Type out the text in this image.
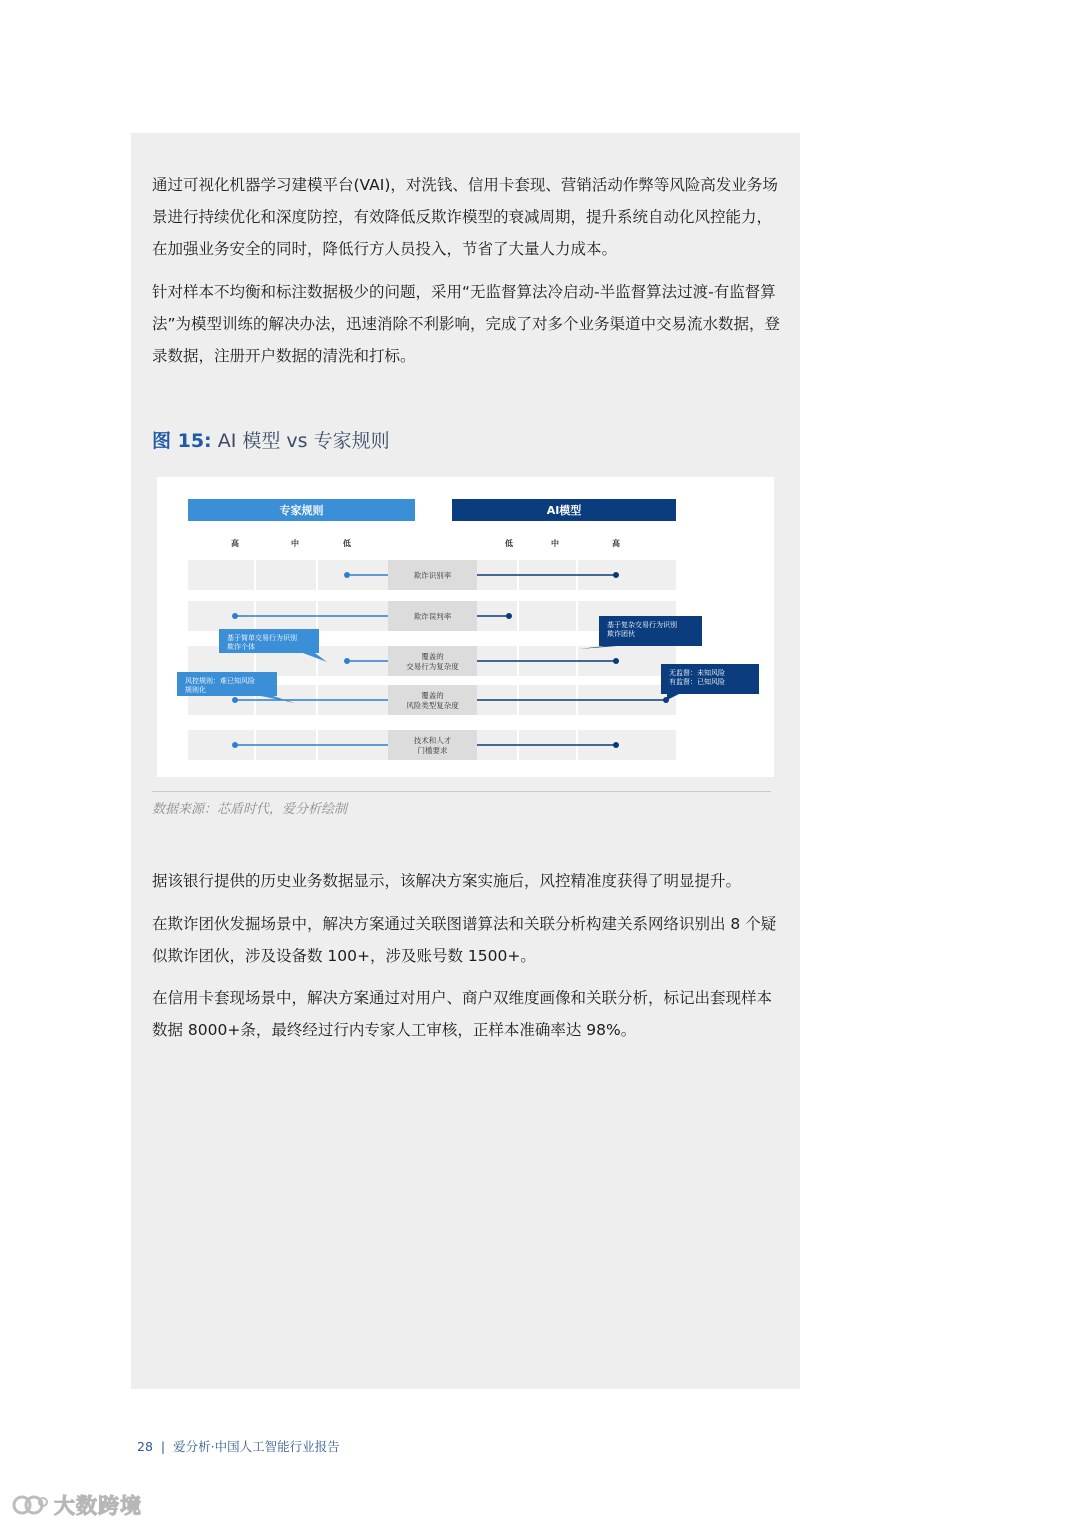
通过可视化机器学习建模平台(VAI)，对洗钱、信用卡套现、营销活动作弊等风险高发业务场景进行持续优化和深度防控，有效降低反欺诈模型的衰减周期，提升系统自动化风控能力，在加强业务安全的同时，降低行方人员投入，节省了大量人力成本。

针对样本不均衡和标注数据极少的问题，采用“无监督算法冷启动-半监督算法过渡-有监督算法”为模型训练的解决办法，迅速消除不利影响，完成了对多个业务渠道中交易流水数据，登录数据，注册开户数据的清洗和打标。

图 15: AI 模型 vs 专家规则
专家规则	AI模型
高	中	低	低	中	高
欺诈识别率
欺诈误判率
覆盖的
交易行为复杂度
覆盖的
风险类型复杂度
技术和人才
门槛要求
基于简单交易行为识别
欺诈个体
风控规则：难已知风险
规则化
基于复杂交易行为识别
欺诈团伙
无监督：未知风险
有监督：已知风险

数据来源：芯盾时代，爱分析绘制

据该银行提供的历史业务数据显示，该解决方案实施后，风控精准度获得了明显提升。

在欺诈团伙发掘场景中，解决方案通过关联图谱算法和关联分析构建关系网络识别出 8 个疑似欺诈团伙，涉及设备数 100+，涉及账号数 1500+。

在信用卡套现场景中，解决方案通过对用户、商户双维度画像和关联分析，标记出套现样本数据 8000+条，最终经过行内专家人工审核，正样本准确率达 98%。

28 | 爱分析·中国人工智能行业报告
大数跨境
